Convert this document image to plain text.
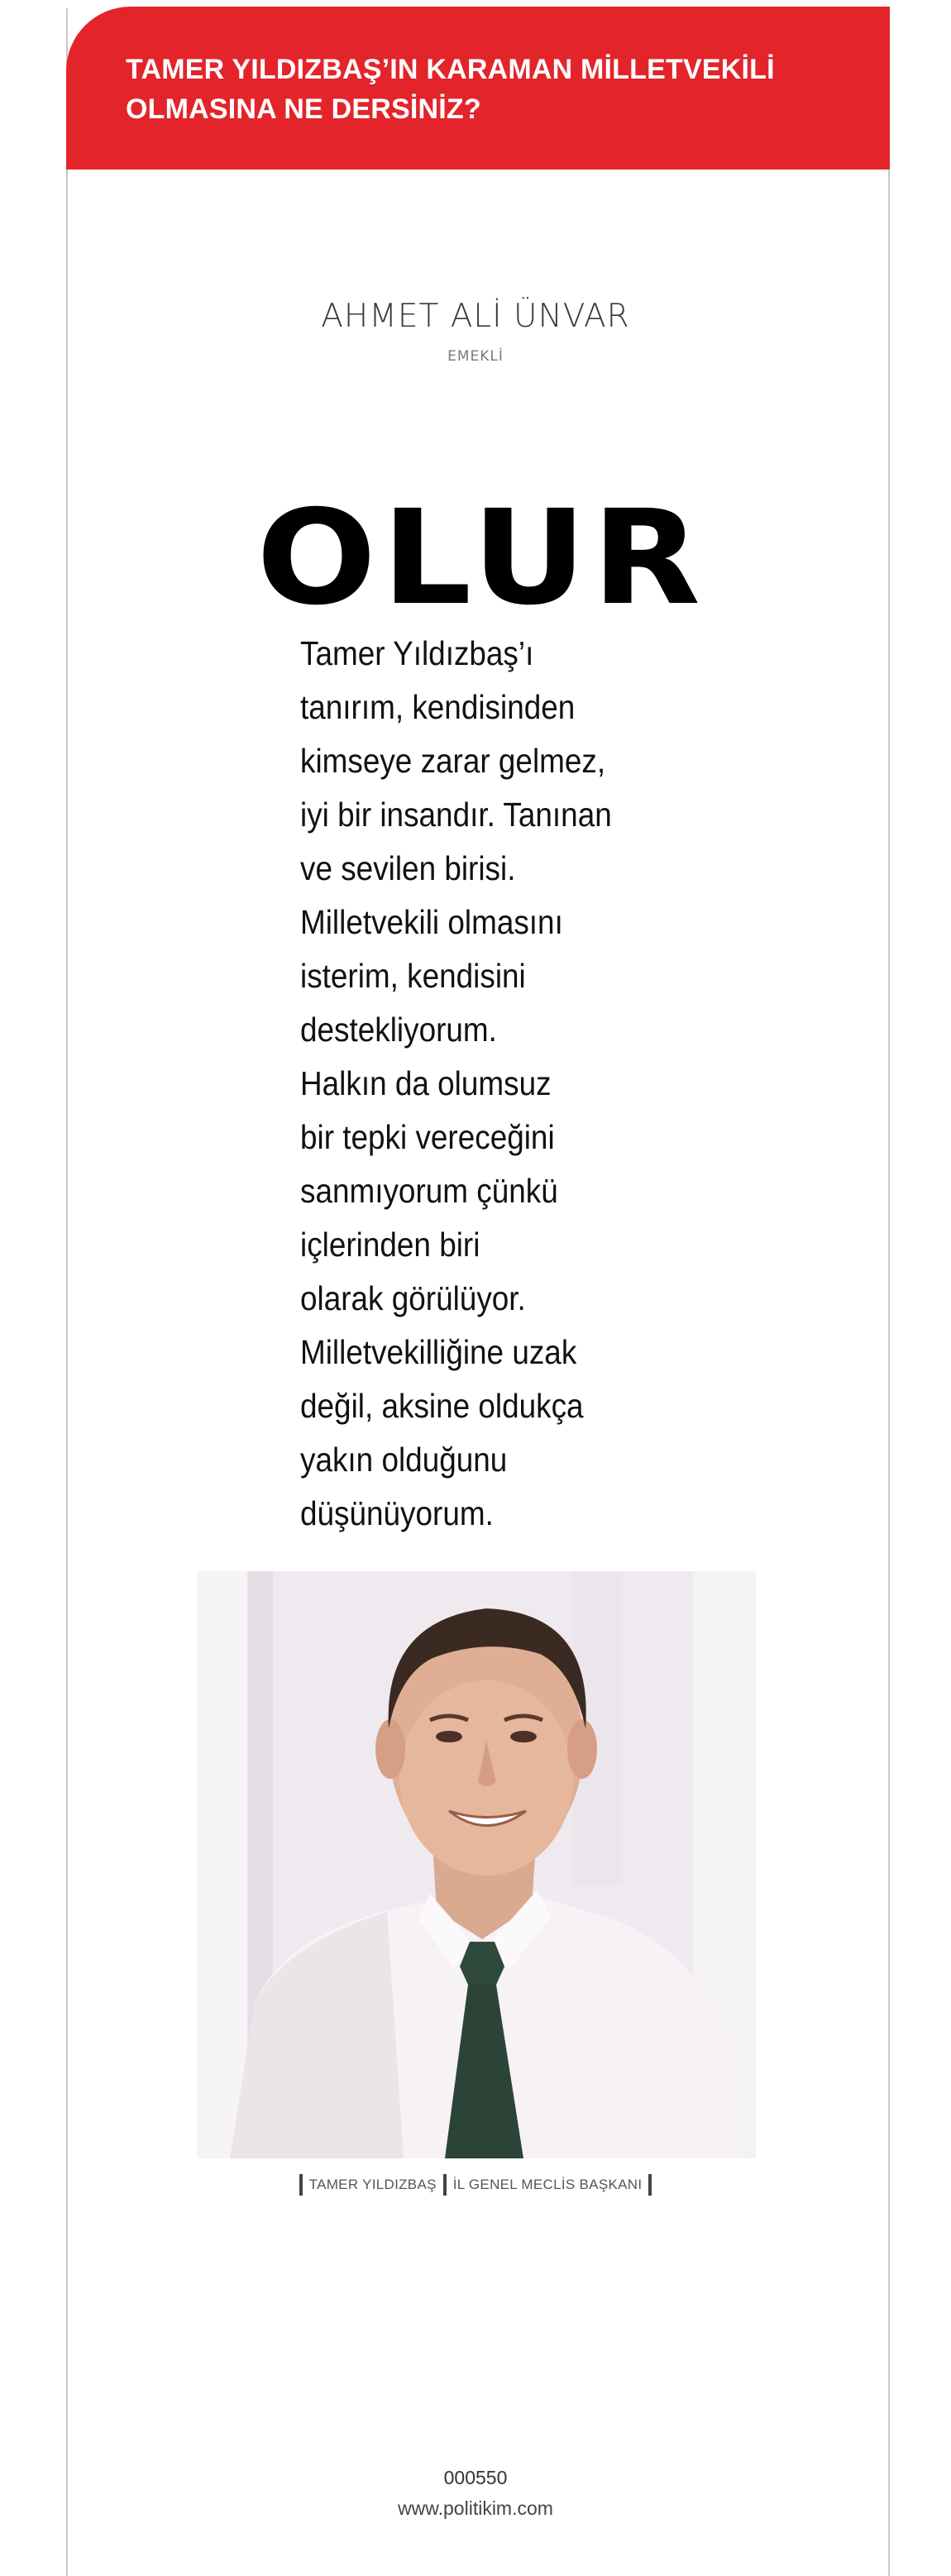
TAMER YILDIZBAŞ’IN KARAMAN MİLLETVEKİLİ
OLMASINA NE DERSİNİZ?
AHMET ALİ ÜNVAR
EMEKLİ
OLUR
Tamer Yıldızbaş’ı
tanırım, kendisinden
kimseye zarar gelmez,
iyi bir insandır. Tanınan
ve sevilen birisi.
Milletvekili olmasını
isterim, kendisini
destekliyorum.
Halkın da olumsuz
bir tepki vereceğini
sanmıyorum çünkü
içlerinden biri
olarak görülüyor.
Milletvekilliğine uzak
değil, aksine oldukça
yakın olduğunu
düşünüyorum.
TAMER YILDIZBAŞ İL GENEL MECLİS BAŞKANI
000550
www.politikim.com
